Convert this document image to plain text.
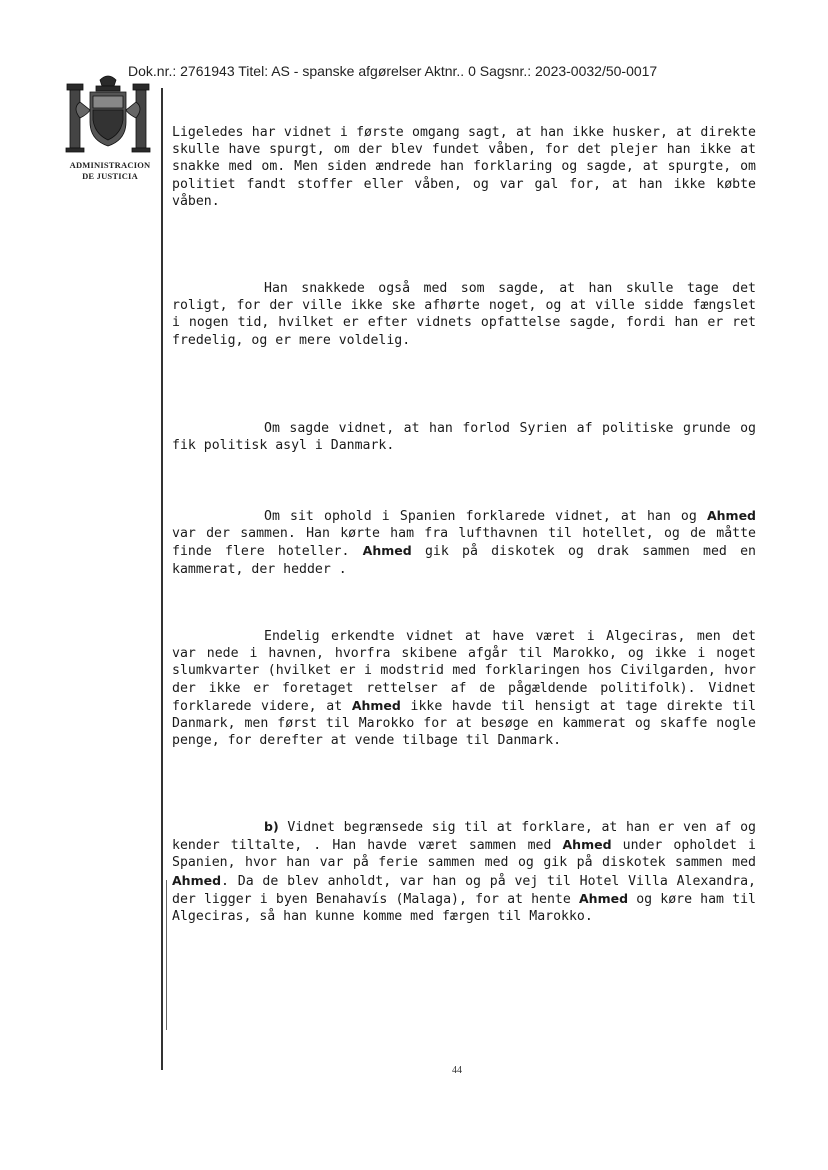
Dok.nr.: 2761943 Titel: AS - spanske afgørelser Aktnr.. 0 Sagsnr.: 2023-0032/50-0017
ADMINISTRACION
DE JUSTICIA

Ligeledes har vidnet i første omgang sagt, at han ikke husker, at direkte skulle have spurgt, om der blev fundet våben, for det plejer han ikke at snakke med om. Men siden ændrede han forklaring og sagde, at spurgte, om politiet fandt stoffer eller våben, og var gal for, at han ikke købte våben.

Han snakkede også med som sagde, at han skulle tage det roligt, for der ville ikke ske afhørte noget, og at ville sidde fængslet i nogen tid, hvilket er efter vidnets opfattelse sagde, fordi han er ret fredelig, og er mere voldelig.

Om sagde vidnet, at han forlod Syrien af politiske grunde og fik politisk asyl i Danmark.

Om sit ophold i Spanien forklarede vidnet, at han og Ahmed var der sammen. Han kørte ham fra lufthavnen til hotellet, og de måtte finde flere hoteller. Ahmed gik på diskotek og drak sammen med en kammerat, der hedder .

Endelig erkendte vidnet at have været i Algeciras, men det var nede i havnen, hvorfra skibene afgår til Marokko, og ikke i noget slumkvarter (hvilket er i modstrid med forklaringen hos Civilgarden, hvor der ikke er foretaget rettelser af de pågældende politifolk). Vidnet forklarede videre, at Ahmed ikke havde til hensigt at tage direkte til Danmark, men først til Marokko for at besøge en kammerat og skaffe nogle penge, for derefter at vende tilbage til Danmark.

b) Vidnet begrænsede sig til at forklare, at han er ven af og kender tiltalte, . Han havde været sammen med Ahmed under opholdet i Spanien, hvor han var på ferie sammen med og gik på diskotek sammen med Ahmed. Da de blev anholdt, var han og på vej til Hotel Villa Alexandra, der ligger i byen Benahavís (Malaga), for at hente Ahmed og køre ham til Algeciras, så han kunne komme med færgen til Marokko.

44
